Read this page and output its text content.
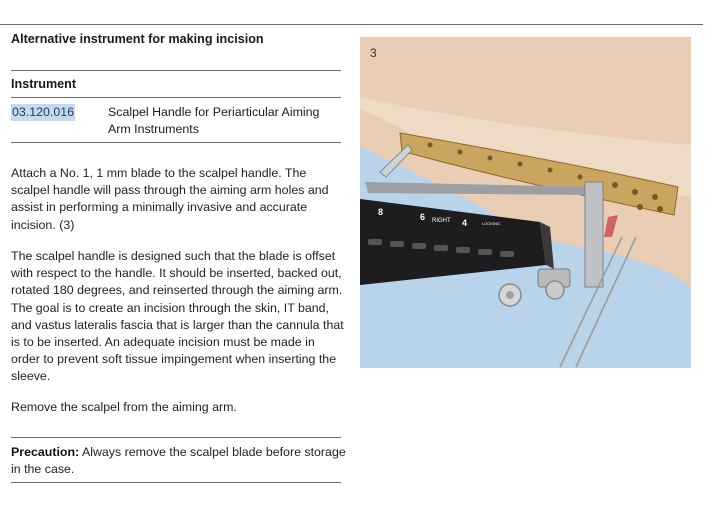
Alternative instrument for making incision
Instrument
03.120.016	Scalpel Handle for Periarticular Aiming Arm Instruments
Attach a No. 1, 1 mm blade to the scalpel handle. The scalpel handle will pass through the aiming arm holes and assist in performing a minimally invasive and accurate incision. (3)
The scalpel handle is designed such that the blade is offset with respect to the handle. It should be inserted, backed out, rotated 180 degrees, and reinserted through the aiming arm. The goal is to create an incision through the skin, IT band, and vastus lateralis fascia that is larger than the cannula that is to be inserted. An adequate incision must be made in order to prevent soft tissue impingement when inserting the sleeve.
Remove the scalpel from the aiming arm.
Precaution: Always remove the scalpel blade before storage in the case.
8	6 RIGHT 4	LOCKING
3
